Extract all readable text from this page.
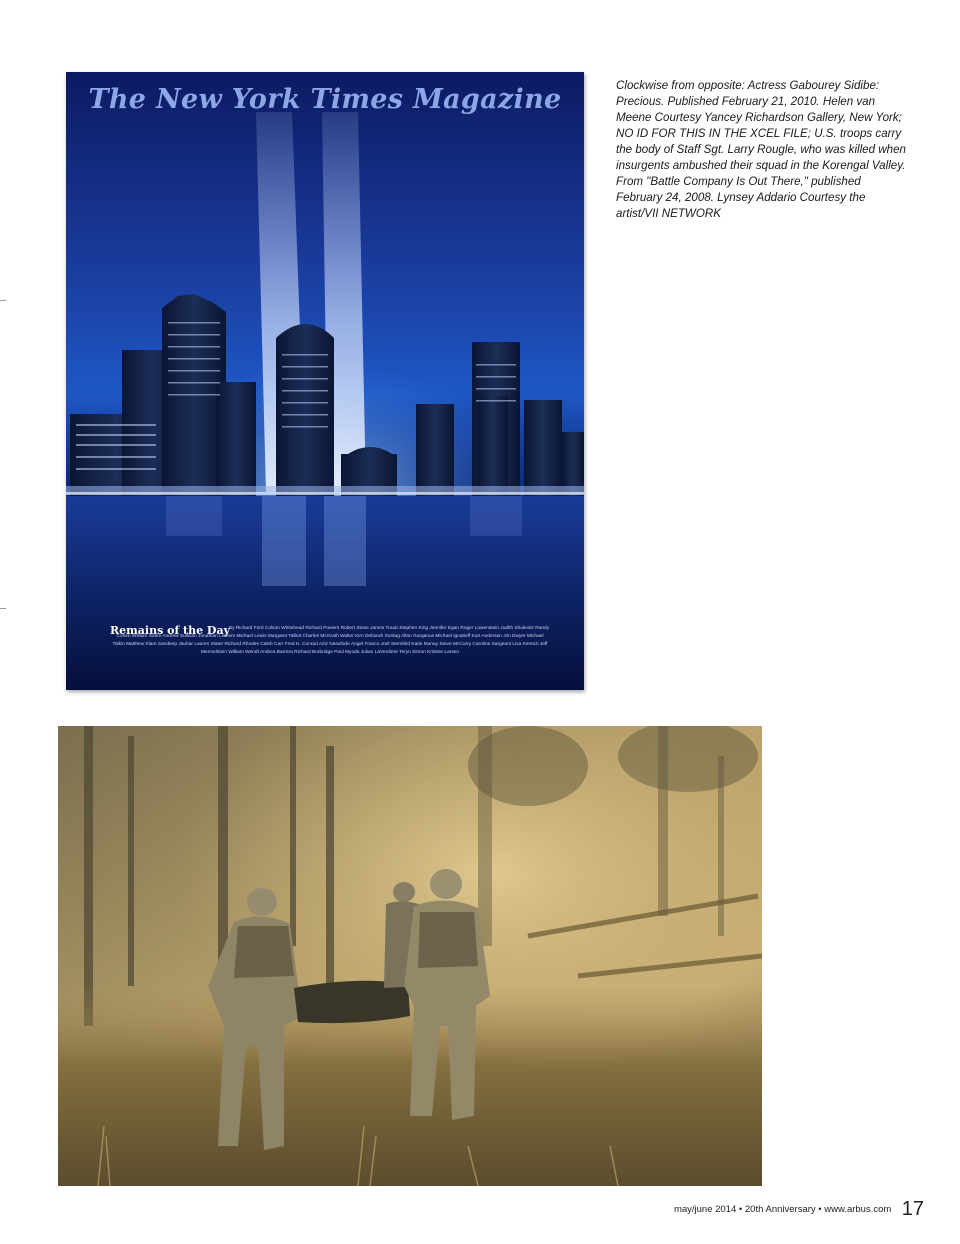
The New York Times Magazine
Remains of the Day
By Richard Ford Colson Whitehead Richard Powers Robert Stone James Traub Stephen King Jennifer Egan Roger Lowenstein Judith Shulevitz Randy Cohen William Safire Andrew Sullivan Jonathan Lethem Michael Lewis Margaret Talbot Charles McGrath Walter Kirn Deborah Sontag Allan Gurganus Michael Ignatieff Kurt Andersen Jim Dwyer Michael Tolkin Matthew Klam Sandeep Jauhar Lauren Slater Richard Rhodes Caleb Carr Fred H. Conrad Aziz Nasufode Angel Franco Joel Sternfeld Katie Munay Steve McCurry Caroline Sargeant Lisa Kereszi Jeff Mermelstein William Wendt Andrea Barrera Richard Burbridge Paul Myoda Julian LaVerdiere Teryn Simon Kristine Larsen

Clockwise from opposite: Actress Gabourey Sidibe: Precious. Published February 21, 2010. Helen van Meene Courtesy Yancey Richardson Gallery, New York; NO ID FOR THIS IN THE XCEL FILE; U.S. troops carry the body of Staff Sgt. Larry Rougle, who was killed when insurgents ambushed their squad in the Korengal Valley. From "Battle Company Is Out There," published February 24, 2008. Lynsey Addario Courtesy the artist/VII NETWORK

may/june 2014 • 20th Anniversary • www.arbus.com 17
